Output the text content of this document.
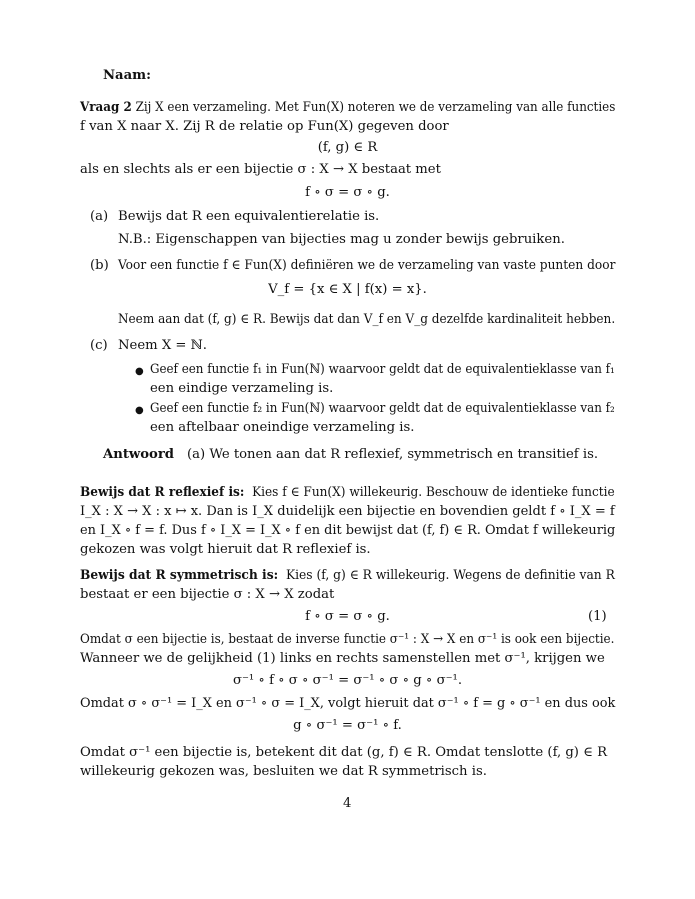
Naam:
Vraag 2 Zij X een verzameling. Met Fun(X) noteren we de verzameling van alle functies
f van X naar X. Zij R de relatie op Fun(X) gegeven door
(f, g) ∈ R
als en slechts als er een bijectie σ : X → X bestaat met
f ∘ σ = σ ∘ g.
(a) Bewijs dat R een equivalentierelatie is.
N.B.: Eigenschappen van bijecties mag u zonder bewijs gebruiken.
(b) Voor een functie f ∈ Fun(X) definiëren we de verzameling van vaste punten door
V_f = {x ∈ X | f(x) = x}.
Neem aan dat (f, g) ∈ R. Bewijs dat dan V_f en V_g dezelfde kardinaliteit hebben.
(c) Neem X = ℕ.
● Geef een functie f₁ in Fun(ℕ) waarvoor geldt dat de equivalentieklasse van f₁
een eindige verzameling is.
● Geef een functie f₂ in Fun(ℕ) waarvoor geldt dat de equivalentieklasse van f₂
een aftelbaar oneindige verzameling is.
Antwoord (a) We tonen aan dat R reflexief, symmetrisch en transitief is.
Bewijs dat R reflexief is: Kies f ∈ Fun(X) willekeurig. Beschouw de identieke functie
I_X : X → X : x ↦ x. Dan is I_X duidelijk een bijectie en bovendien geldt f ∘ I_X = f
en I_X ∘ f = f. Dus f ∘ I_X = I_X ∘ f en dit bewijst dat (f, f) ∈ R. Omdat f willekeurig
gekozen was volgt hieruit dat R reflexief is.
Bewijs dat R symmetrisch is: Kies (f, g) ∈ R willekeurig. Wegens de definitie van R
bestaat er een bijectie σ : X → X zodat
f ∘ σ = σ ∘ g.	(1)
Omdat σ een bijectie is, bestaat de inverse functie σ⁻¹ : X → X en σ⁻¹ is ook een bijectie.
Wanneer we de gelijkheid (1) links en rechts samenstellen met σ⁻¹, krijgen we
σ⁻¹ ∘ f ∘ σ ∘ σ⁻¹ = σ⁻¹ ∘ σ ∘ g ∘ σ⁻¹.
Omdat σ ∘ σ⁻¹ = I_X en σ⁻¹ ∘ σ = I_X, volgt hieruit dat σ⁻¹ ∘ f = g ∘ σ⁻¹ en dus ook
g ∘ σ⁻¹ = σ⁻¹ ∘ f.
Omdat σ⁻¹ een bijectie is, betekent dit dat (g, f) ∈ R. Omdat tenslotte (f, g) ∈ R
willekeurig gekozen was, besluiten we dat R symmetrisch is.
4
